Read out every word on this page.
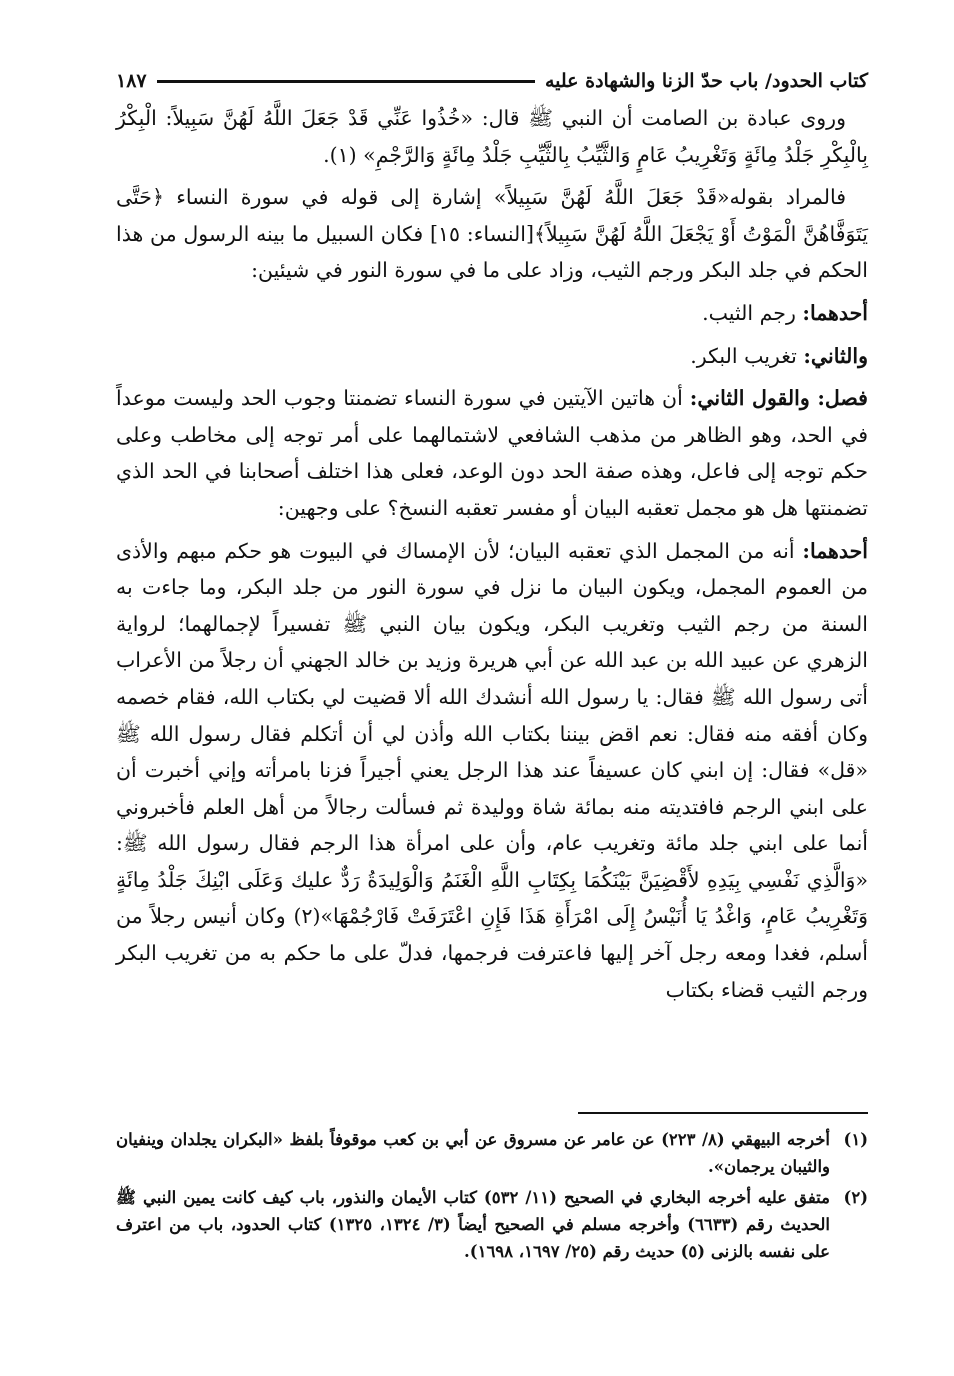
كتاب الحدود/ باب حدّ الزنا والشهادة عليه
١٨٧

وروى عبادة بن الصامت أن النبي ﷺ قال: «خُذُوا عَنِّي قَدْ جَعَلَ اللَّهُ لَهُنَّ سَبِيلاً: الْبِكْرُ بِالْبِكْرِ جَلْدُ مِائَةٍ وَتَغْرِيبُ عَامٍ وَالثَّيِّبُ بِالثَّيِّبِ جَلْدُ مِائَةٍ وَالرَّجْمِ» (١).

فالمراد بقوله«قَدْ جَعَلَ اللَّهُ لَهُنَّ سَبِيلاً» إشارة إلى قوله في سورة النساء ﴿حَتَّى يَتَوَفَّاهُنَّ الْمَوْتُ أَوْ يَجْعَلَ اللَّهُ لَهُنَّ سَبِيلاً﴾[النساء: ١٥] فكان السبيل ما بينه الرسول من هذا الحكم في جلد البكر ورجم الثيب، وزاد على ما في سورة النور في شيئين:

أحدهما: رجم الثيب.

والثاني: تغريب البكر.

فصل: والقول الثاني: أن هاتين الآيتين في سورة النساء تضمنتا وجوب الحد وليست موعداً في الحد، وهو الظاهر من مذهب الشافعي لاشتمالهما على أمر توجه إلى مخاطب وعلى حكم توجه إلى فاعل، وهذه صفة الحد دون الوعد، فعلى هذا اختلف أصحابنا في الحد الذي تضمنتها هل هو مجمل تعقبه البيان أو مفسر تعقبه النسخ؟ على وجهين:

أحدهما: أنه من المجمل الذي تعقبه البيان؛ لأن الإمساك في البيوت هو حكم مبهم والأذى من العموم المجمل، ويكون البيان ما نزل في سورة النور من جلد البكر، وما جاءت به السنة من رجم الثيب وتغريب البكر، ويكون بيان النبي ﷺ تفسيراً لإجمالهما؛ لرواية الزهري عن عبيد الله بن عبد الله عن أبي هريرة وزيد بن خالد الجهني أن رجلاً من الأعراب أتى رسول الله ﷺ فقال: يا رسول الله أنشدك الله ألا قضيت لي بكتاب الله، فقام خصمه وكان أفقه منه فقال: نعم اقض بيننا بكتاب الله وأذن لي أن أتكلم فقال رسول الله ﷺ «قل» فقال: إن ابني كان عسيفاً عند هذا الرجل يعني أجيراً فزنا بامرأته وإني أخبرت أن على ابني الرجم فافتديته منه بمائة شاة ووليدة ثم فسألت رجالاً من أهل العلم فأخبروني أنما على ابني جلد مائة وتغريب عام، وأن على امرأة هذا الرجم فقال رسول الله ﷺ: «وَالَّذِي نَفْسِي بِيَدِهِ لأَقْضِيَنَّ بَيْنَكُمَا بِكِتَابِ اللَّهِ الْغَنَمُ وَالْوَلِيدَةُ رَدٌّ عليك وَعَلَى ابْنِكَ جَلْدُ مِائَةٍ وَتَغْرِيبُ عَامٍ، وَاغْدُ يَا أُنَيْسُ إِلَى امْرَأَةِ هَذَا فَإِنِ اعْتَرَفَتْ فَارْجُمْهَا»(٢) وكان أنيس رجلاً من أسلم، فغدا ومعه رجل آخر إليها فاعترفت فرجمها، فدلّ على ما حكم به من تغريب البكر ورجم الثيب قضاء بكتاب

(١)
أخرجه البيهقي (٨/ ٢٢٣) عن عامر عن مسروق عن أبي بن كعب موقوفاً بلفظ «البكران يجلدان وينفيان والثيبان يرجمان».
(٢)
متفق عليه أخرجه البخاري في الصحيح (١١/ ٥٣٢) كتاب الأيمان والنذور، باب كيف كانت يمين النبي ﷺ الحديث رقم (٦٦٣٣) وأخرجه مسلم في الصحيح أيضاً (٣/ ١٣٢٤، ١٣٢٥) كتاب الحدود، باب من اعترف على نفسه بالزنى (٥) حديث رقم (٢٥/ ١٦٩٧، ١٦٩٨).
